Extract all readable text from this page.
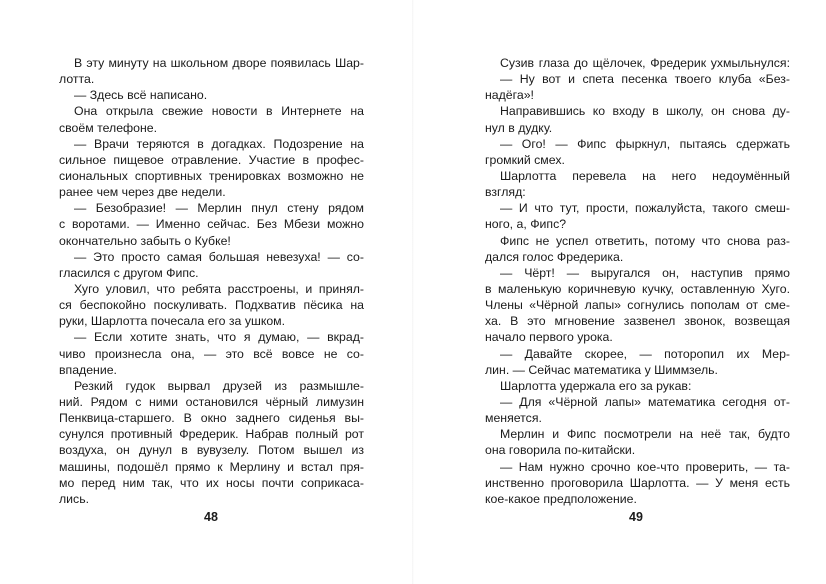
В эту минуту на школьном дворе появилась Шар-
лотта.
— Здесь всё написано.
Она открыла свежие новости в Интернете на
своём телефоне.
— Врачи теряются в догадках. Подозрение на
сильное пищевое отравление. Участие в профес-
сиональных спортивных тренировках возможно не
ранее чем через две недели.
— Безобразие! — Мерлин пнул стену рядом
с воротами. — Именно сейчас. Без Мбези можно
окончательно забыть о Кубке!
— Это просто самая большая невезуха! — со-
гласился с другом Фипс.
Хуго уловил, что ребята расстроены, и принял-
ся беспокойно поскуливать. Подхватив пёсика на
руки, Шарлотта почесала его за ушком.
— Если хотите знать, что я думаю, — вкрад-
чиво произнесла она, — это всё вовсе не со-
впадение.
Резкий гудок вырвал друзей из размышле-
ний. Рядом с ними остановился чёрный лимузин
Пенквица-старшего. В окно заднего сиденья вы-
сунулся противный Фредерик. Набрав полный рот
воздуха, он дунул в вувузелу. Потом вышел из
машины, подошёл прямо к Мерлину и встал пря-
мо перед ним так, что их носы почти соприкаса-
лись.
48
Сузив глаза до щёлочек, Фредерик ухмыльнулся:
— Ну вот и спета песенка твоего клуба «Без-
надёга»!
Направившись ко входу в школу, он снова ду-
нул в дудку.
— Ого! — Фипс фыркнул, пытаясь сдержать
громкий смех.
Шарлотта перевела на него недоумённый
взгляд:
— И что тут, прости, пожалуйста, такого смеш-
ного, а, Фипс?
Фипс не успел ответить, потому что снова раз-
дался голос Фредерика.
— Чёрт! — выругался он, наступив прямо
в маленькую коричневую кучку, оставленную Хуго.
Члены «Чёрной лапы» согнулись пополам от сме-
ха. В это мгновение зазвенел звонок, возвещая
начало первого урока.
— Давайте скорее, — поторопил их Мер-
лин. — Сейчас математика у Шиммзель.
Шарлотта удержала его за рукав:
— Для «Чёрной лапы» математика сегодня от-
меняется.
Мерлин и Фипс посмотрели на неё так, будто
она говорила по-китайски.
— Нам нужно срочно кое-что проверить, — та-
инственно проговорила Шарлотта. — У меня есть
кое-какое предположение.
49
